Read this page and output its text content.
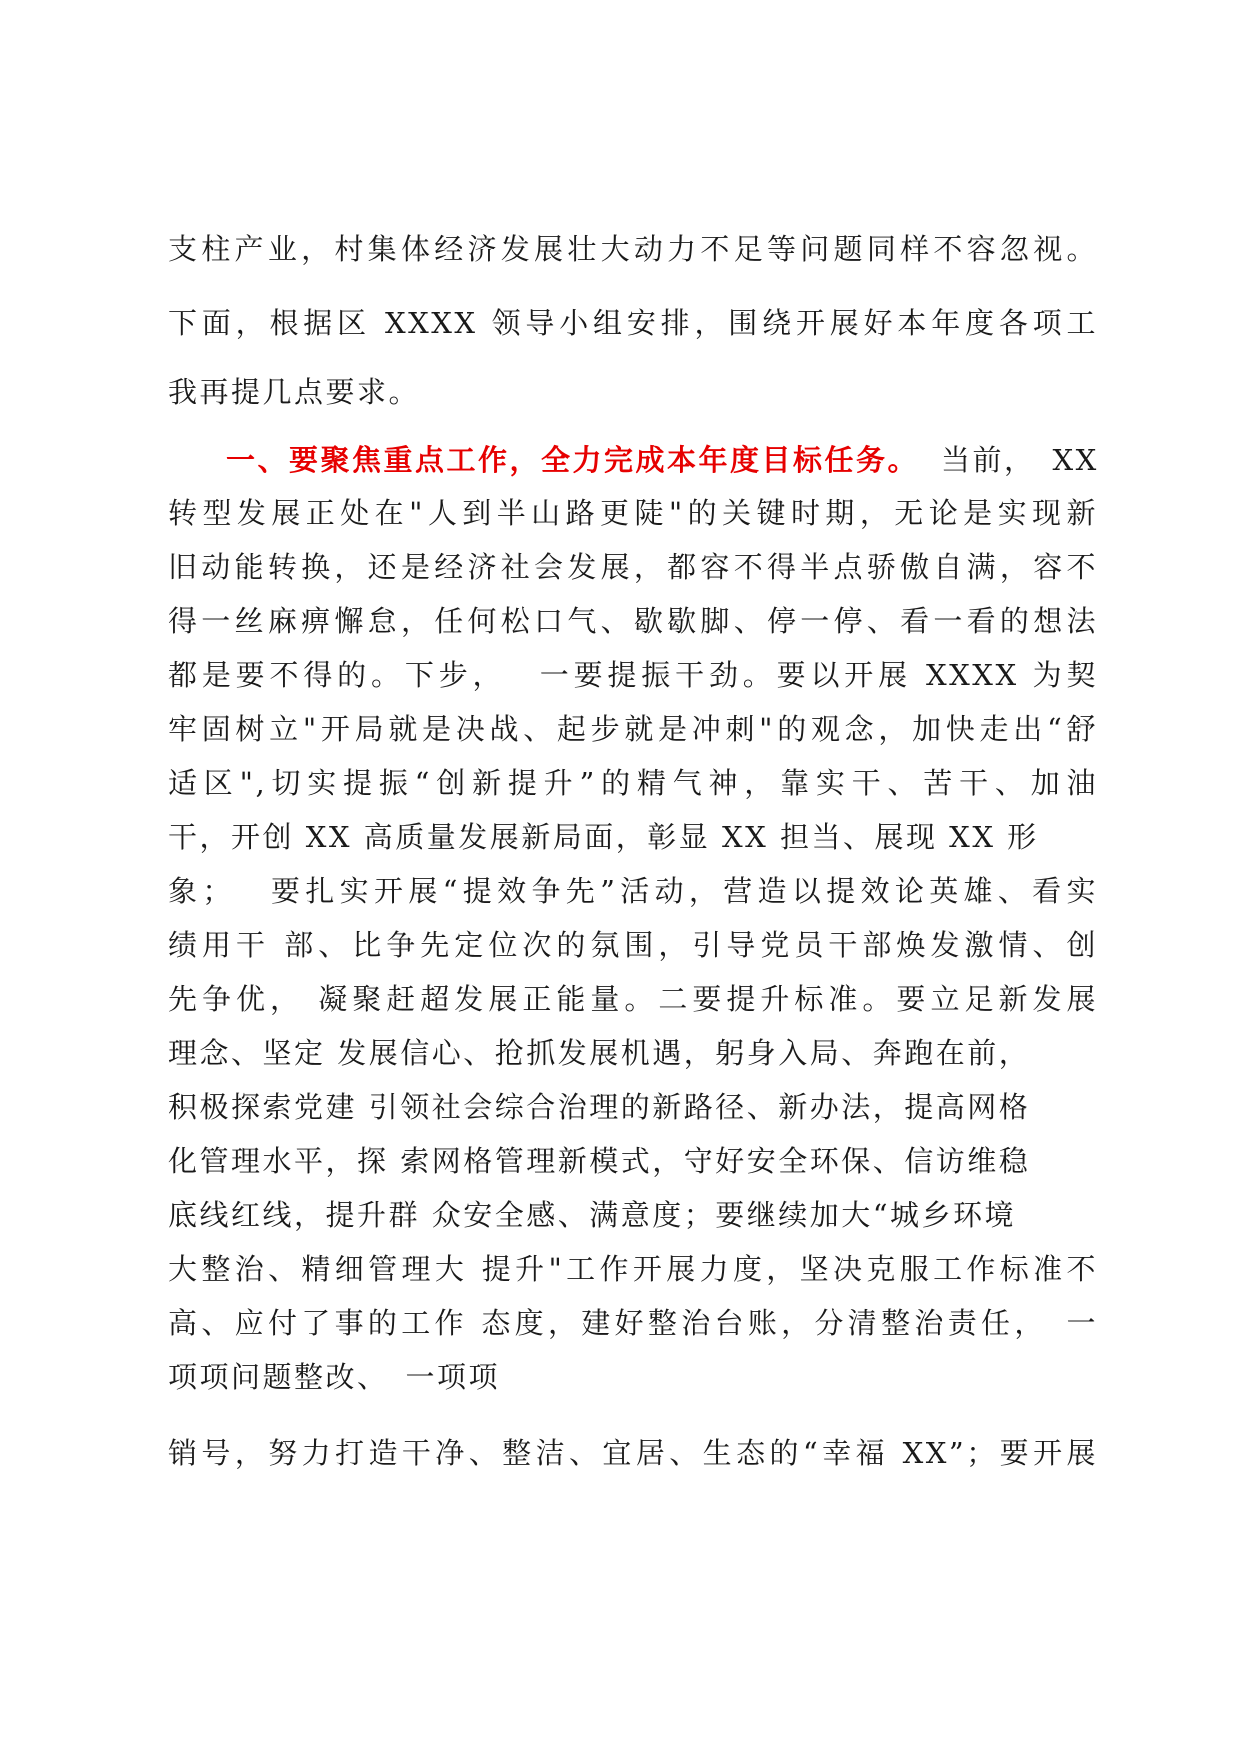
支柱产业，村集体经济发展壮大动力不足等问题同样不容忽视。
下面，根据区 XXXX 领导小组安排，围绕开展好本年度各项工
我再提几点要求。
一、要聚焦重点工作，全力完成本年度目标任务。 当前，　XX
转型发展正处在"人到半山路更陡"的关键时期，无论是实现新
旧动能转换，还是经济社会发展，都容不得半点骄傲自满，容不
得一丝麻痹懈怠，任何松口气、歇歇脚、停一停、看一看的想法
都是要不得的。下步，　 一要提振干劲。要以开展 XXXX 为契
牢固树立"开局就是决战、起步就是冲刺"的观念，加快走出“舒
适区",切实提振“创新提升”的精气神，靠实干、苦干、加油
干，开创 XX 高质量发展新局面，彰显 XX 担当、展现 XX 形
象；　 要扎实开展“提效争先”活动，营造以提效论英雄、看实
绩用干 部、比争先定位次的氛围，引导党员干部焕发激情、创
先争优， 凝聚赶超发展正能量。二要提升标准。要立足新发展
理念、坚定 发展信心、抢抓发展机遇，躬身入局、奔跑在前，
积极探索党建 引领社会综合治理的新路径、新办法，提高网格
化管理水平，探 索网格管理新模式，守好安全环保、信访维稳
底线红线，提升群 众安全感、满意度；要继续加大“城乡环境
大整治、精细管理大 提升"工作开展力度，坚决克服工作标准不
高、应付了事的工作 态度，建好整治台账，分清整治责任，　一
项项问题整改、　一项项
销号，努力打造干净、整洁、宜居、生态的“幸福 XX”；要开展
